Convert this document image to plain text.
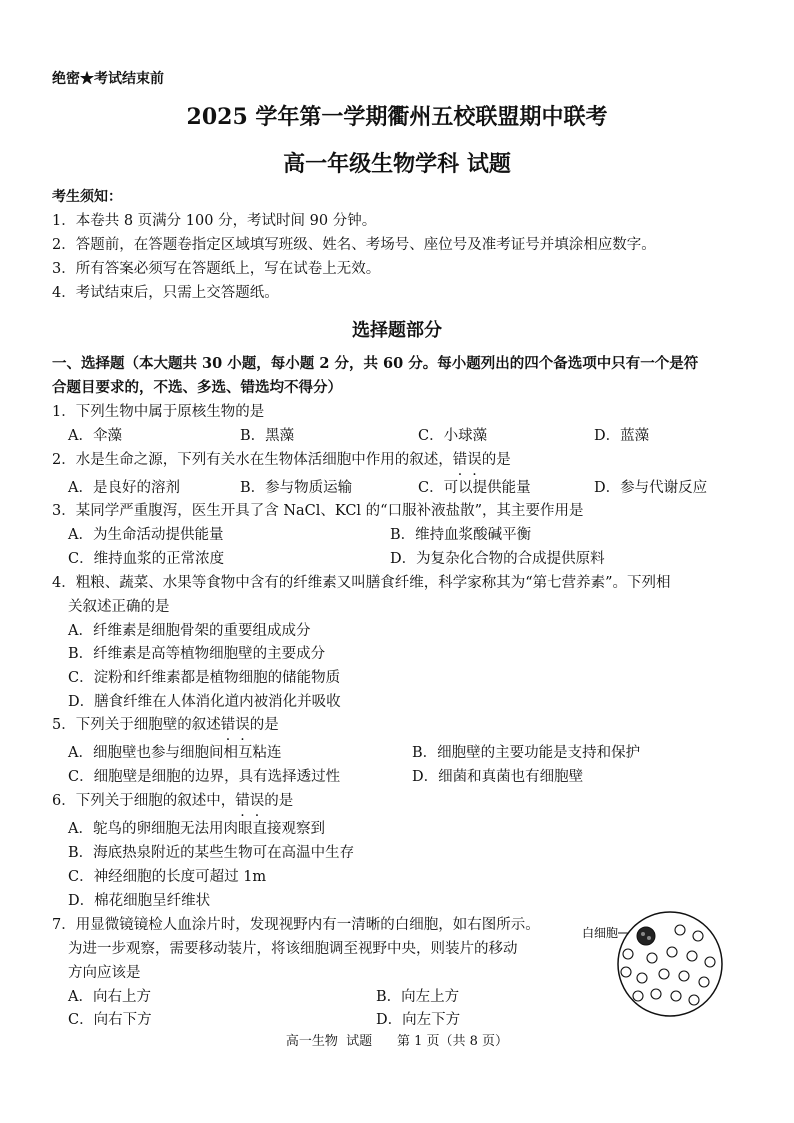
绝密★考试结束前
2025 学年第一学期衢州五校联盟期中联考
高一年级生物学科 试题
考生须知：
1．本卷共 8 页满分 100 分，考试时间 90 分钟。
2．答题前，在答题卷指定区域填写班级、姓名、考场号、座位号及准考证号并填涂相应数字。
3．所有答案必须写在答题纸上，写在试卷上无效。
4．考试结束后，只需上交答题纸。
选择题部分
一、选择题（本大题共 30 小题，每小题 2 分，共 60 分。每小题列出的四个备选项中只有一个是符
合题目要求的，不选、多选、错选均不得分）
1．下列生物中属于原核生物的是
A．伞藻	B．黑藻	C．小球藻	D．蓝藻
2．水是生命之源，下列有关水在生物体活细胞中作用的叙述，错误的是
A．是良好的溶剂	B．参与物质运输	C．可以提供能量	D．参与代谢反应
3．某同学严重腹泻，医生开具了含 NaCl、KCl 的“口服补液盐散”，其主要作用是
A．为生命活动提供能量	B．维持血浆酸碱平衡
C．维持血浆的正常浓度	D．为复杂化合物的合成提供原料
4．粗粮、蔬菜、水果等食物中含有的纤维素又叫膳食纤维，科学家称其为“第七营养素”。下列相
关叙述正确的是
A．纤维素是细胞骨架的重要组成成分
B．纤维素是高等植物细胞壁的主要成分
C．淀粉和纤维素都是植物细胞的储能物质
D．膳食纤维在人体消化道内被消化并吸收
5．下列关于细胞壁的叙述错误的是
A．细胞壁也参与细胞间相互粘连	B．细胞壁的主要功能是支持和保护
C．细胞壁是细胞的边界，具有选择透过性	D．细菌和真菌也有细胞壁
6．下列关于细胞的叙述中，错误的是
A．鸵鸟的卵细胞无法用肉眼直接观察到
B．海底热泉附近的某些生物可在高温中生存
C．神经细胞的长度可超过 1m
D．棉花细胞呈纤维状
7．用显微镜镜检人血涂片时，发现视野内有一清晰的白细胞，如右图所示。
为进一步观察，需要移动装片，将该细胞调至视野中央，则装片的移动
方向应该是
A．向右上方	B．向左上方
C．向右下方	D．向左下方
白细胞
高一生物  试题      第 1 页（共 8 页）
